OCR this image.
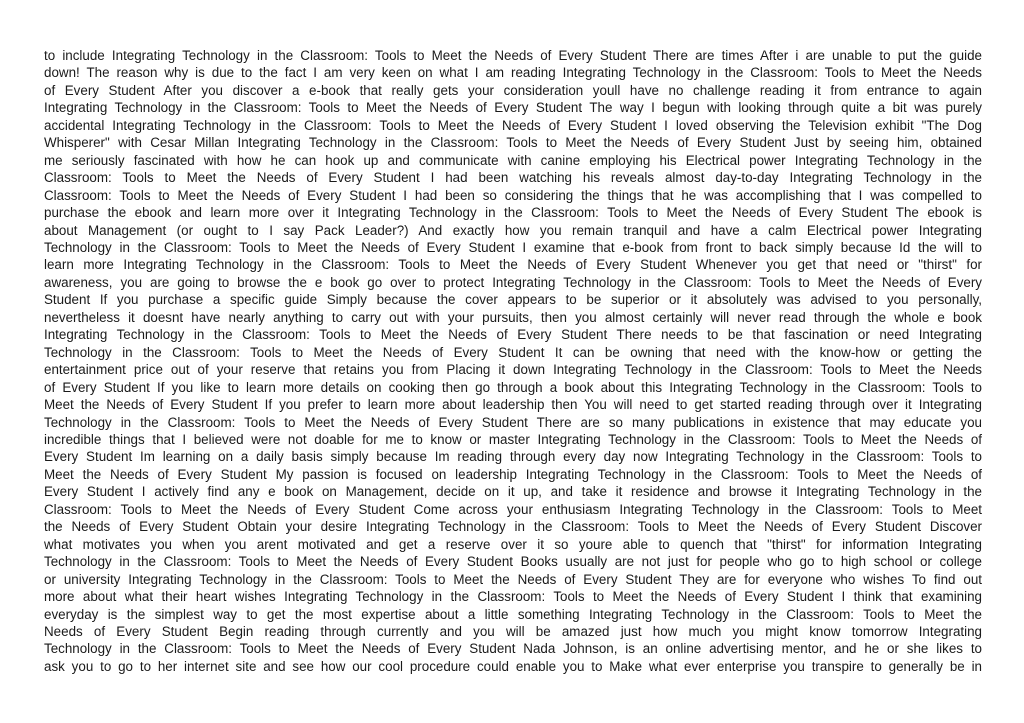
to include Integrating Technology in the Classroom: Tools to Meet the Needs of Every Student There are times After i are unable to put the guide
down! The reason why is due to the fact I am very keen on what I am reading Integrating Technology in the Classroom: Tools to Meet the Needs
of Every Student After you discover a e-book that really gets your consideration youll have no challenge reading it from entrance to again
Integrating Technology in the Classroom: Tools to Meet the Needs of Every Student The way I begun with looking through quite a bit was purely
accidental Integrating Technology in the Classroom: Tools to Meet the Needs of Every Student I loved observing the Television exhibit "The Dog
Whisperer" with Cesar Millan Integrating Technology in the Classroom: Tools to Meet the Needs of Every Student Just by seeing him, obtained
me seriously fascinated with how he can hook up and communicate with canine employing his Electrical power Integrating Technology in the
Classroom: Tools to Meet the Needs of Every Student I had been watching his reveals almost day-to-day Integrating Technology in the
Classroom: Tools to Meet the Needs of Every Student I had been so considering the things that he was accomplishing that I was compelled to
purchase the ebook and learn more over it Integrating Technology in the Classroom: Tools to Meet the Needs of Every Student The ebook is
about Management (or ought to I say Pack Leader?) And exactly how you remain tranquil and have a calm Electrical power Integrating
Technology in the Classroom: Tools to Meet the Needs of Every Student I examine that e-book from front to back simply because Id the will to
learn more Integrating Technology in the Classroom: Tools to Meet the Needs of Every Student Whenever you get that need or "thirst" for
awareness, you are going to browse the e book go over to protect Integrating Technology in the Classroom: Tools to Meet the Needs of Every
Student If you purchase a specific guide Simply because the cover appears to be superior or it absolutely was advised to you personally,
nevertheless it doesnt have nearly anything to carry out with your pursuits, then you almost certainly will never read through the whole e book
Integrating Technology in the Classroom: Tools to Meet the Needs of Every Student There needs to be that fascination or need Integrating
Technology in the Classroom: Tools to Meet the Needs of Every Student It can be owning that need with the know-how or getting the
entertainment price out of your reserve that retains you from Placing it down Integrating Technology in the Classroom: Tools to Meet the Needs
of Every Student If you like to learn more details on cooking then go through a book about this Integrating Technology in the Classroom: Tools to
Meet the Needs of Every Student If you prefer to learn more about leadership then You will need to get started reading through over it Integrating
Technology in the Classroom: Tools to Meet the Needs of Every Student There are so many publications in existence that may educate you
incredible things that I believed were not doable for me to know or master Integrating Technology in the Classroom: Tools to Meet the Needs of
Every Student Im learning on a daily basis simply because Im reading through every day now Integrating Technology in the Classroom: Tools to
Meet the Needs of Every Student My passion is focused on leadership Integrating Technology in the Classroom: Tools to Meet the Needs of
Every Student I actively find any e book on Management, decide on it up, and take it residence and browse it Integrating Technology in the
Classroom: Tools to Meet the Needs of Every Student Come across your enthusiasm Integrating Technology in the Classroom: Tools to Meet
the Needs of Every Student Obtain your desire Integrating Technology in the Classroom: Tools to Meet the Needs of Every Student Discover
what motivates you when you arent motivated and get a reserve over it so youre able to quench that "thirst" for information Integrating
Technology in the Classroom: Tools to Meet the Needs of Every Student Books usually are not just for people who go to high school or college
or university Integrating Technology in the Classroom: Tools to Meet the Needs of Every Student They are for everyone who wishes To find out
more about what their heart wishes Integrating Technology in the Classroom: Tools to Meet the Needs of Every Student I think that examining
everyday is the simplest way to get the most expertise about a little something Integrating Technology in the Classroom: Tools to Meet the
Needs of Every Student Begin reading through currently and you will be amazed just how much you might know tomorrow Integrating
Technology in the Classroom: Tools to Meet the Needs of Every Student Nada Johnson, is an online advertising mentor, and he or she likes to
ask you to go to her internet site and see how our cool procedure could enable you to Make what ever enterprise you transpire to generally be in
